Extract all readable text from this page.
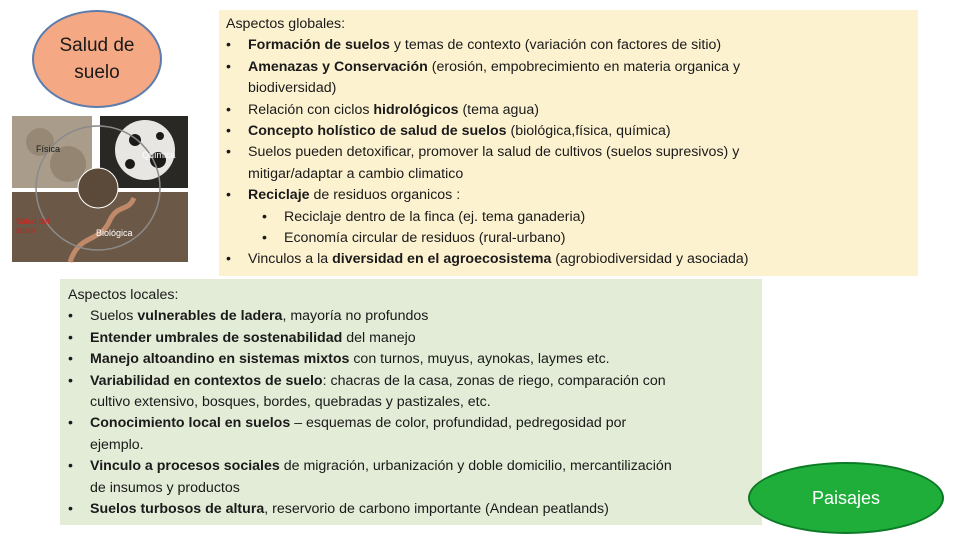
Salud de
suelo
Física
Química
Biológica
Salud del
suelo
Aspectos globales:
•	Formación de suelos y temas de contexto (variación con factores de sitio)
•	Amenazas y Conservación (erosión, empobrecimiento en materia organica y
biodiversidad)
•	Relación con ciclos hidrológicos (tema agua)
•	Concepto holístico de salud de suelos (biológica,física, química)
•	Suelos pueden detoxificar, promover la salud de cultivos (suelos supresivos) y
mitigar/adaptar a cambio climatico
•	Reciclaje de residuos organicos :
•	Reciclaje dentro de la finca (ej. tema ganaderia)
•	Economía circular de residuos (rural-urbano)
•	Vinculos a la diversidad en el agroecosistema (agrobiodiversidad y asociada)
Aspectos locales:
•	Suelos vulnerables de ladera, mayoría no profundos
•	Entender umbrales de sostenabilidad del manejo
•	Manejo altoandino en sistemas mixtos con turnos, muyus, aynokas, laymes etc.
•	Variabilidad en contextos de suelo: chacras de la casa, zonas de riego, comparación con
cultivo extensivo, bosques, bordes, quebradas y pastizales, etc.
•	Conocimiento local en suelos – esquemas de color, profundidad, pedregosidad por
ejemplo.
•	Vinculo a procesos sociales de migración, urbanización y doble domicilio, mercantilización
de insumos y productos
•	Suelos turbosos de altura, reservorio de carbono importante (Andean peatlands)
Paisajes
